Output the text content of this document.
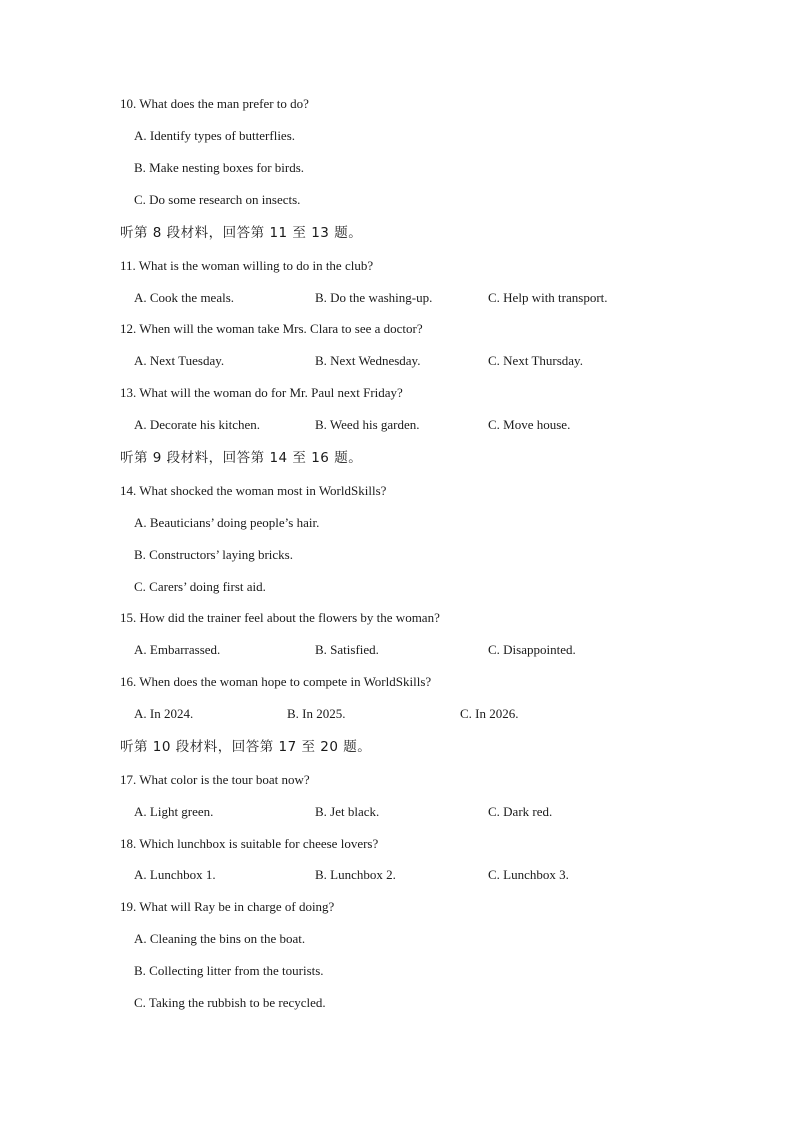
10. What does the man prefer to do?
A. Identify types of butterflies.
B. Make nesting boxes for birds.
C. Do some research on insects.
听第 8 段材料，回答第 11 至 13 题。
11. What is the woman willing to do in the club?
A. Cook the meals.	B. Do the washing-up.	C. Help with transport.
12. When will the woman take Mrs. Clara to see a doctor?
A. Next Tuesday.	B. Next Wednesday.	C. Next Thursday.
13. What will the woman do for Mr. Paul next Friday?
A. Decorate his kitchen.	B. Weed his garden.	C. Move house.
听第 9 段材料，回答第 14 至 16 题。
14. What shocked the woman most in WorldSkills?
A. Beauticians’ doing people’s hair.
B. Constructors’ laying bricks.
C. Carers’ doing first aid.
15. How did the trainer feel about the flowers by the woman?
A. Embarrassed.	B. Satisfied.	C. Disappointed.
16. When does the woman hope to compete in WorldSkills?
A. In 2024.	B. In 2025.	C. In 2026.
听第 10 段材料，回答第 17 至 20 题。
17. What color is the tour boat now?
A. Light green.	B. Jet black.	C. Dark red.
18. Which lunchbox is suitable for cheese lovers?
A. Lunchbox 1.	B. Lunchbox 2.	C. Lunchbox 3.
19. What will Ray be in charge of doing?
A. Cleaning the bins on the boat.
B. Collecting litter from the tourists.
C. Taking the rubbish to be recycled.
